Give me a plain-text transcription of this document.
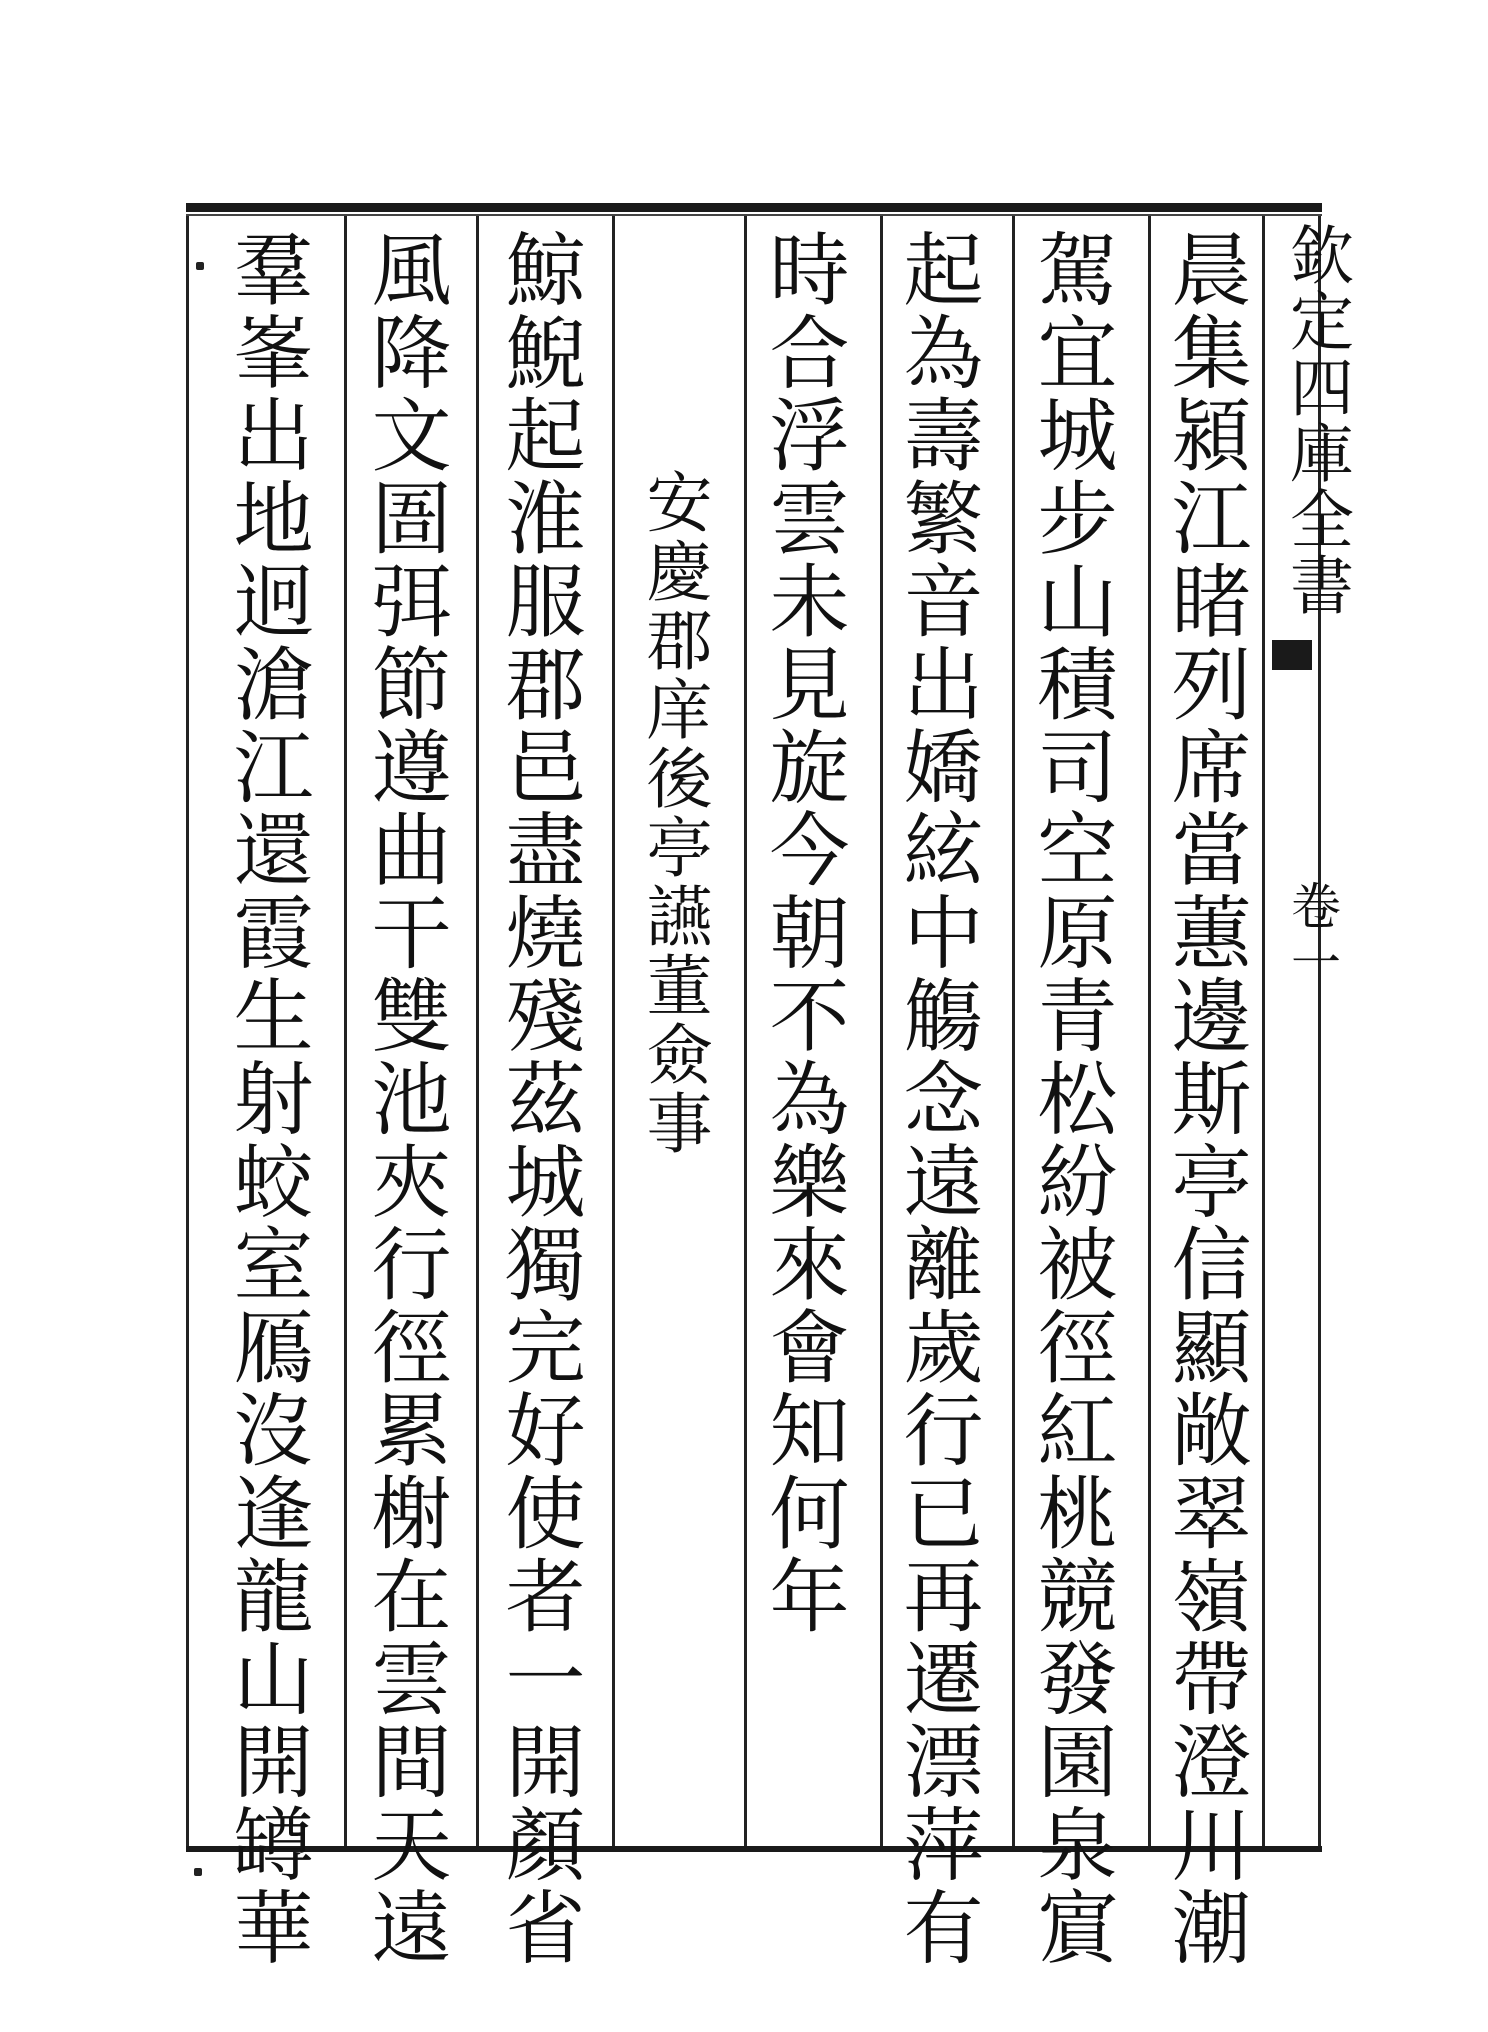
欽定四庫全書
卷一
晨集潁江睹列席當蕙邊斯亭信顯敞翠嶺帶澄川潮
駕宜城步山積司空原青松紛被徑紅桃競發園泉賔
起為壽繁音出嬌絃中觴念遠離歲行已再遷漂萍有
時合浮雲未見旋今朝不為樂來會知何年
安慶郡庠後亭讌董僉事
鯨鯢起淮服郡邑盡燒殘茲城獨完好使者一開顏省
風降文圄弭節遵曲干雙池夾行徑累榭在雲間天遠
羣峯出地迥滄江還霞生射蛟室鴈沒逢龍山開罇華
